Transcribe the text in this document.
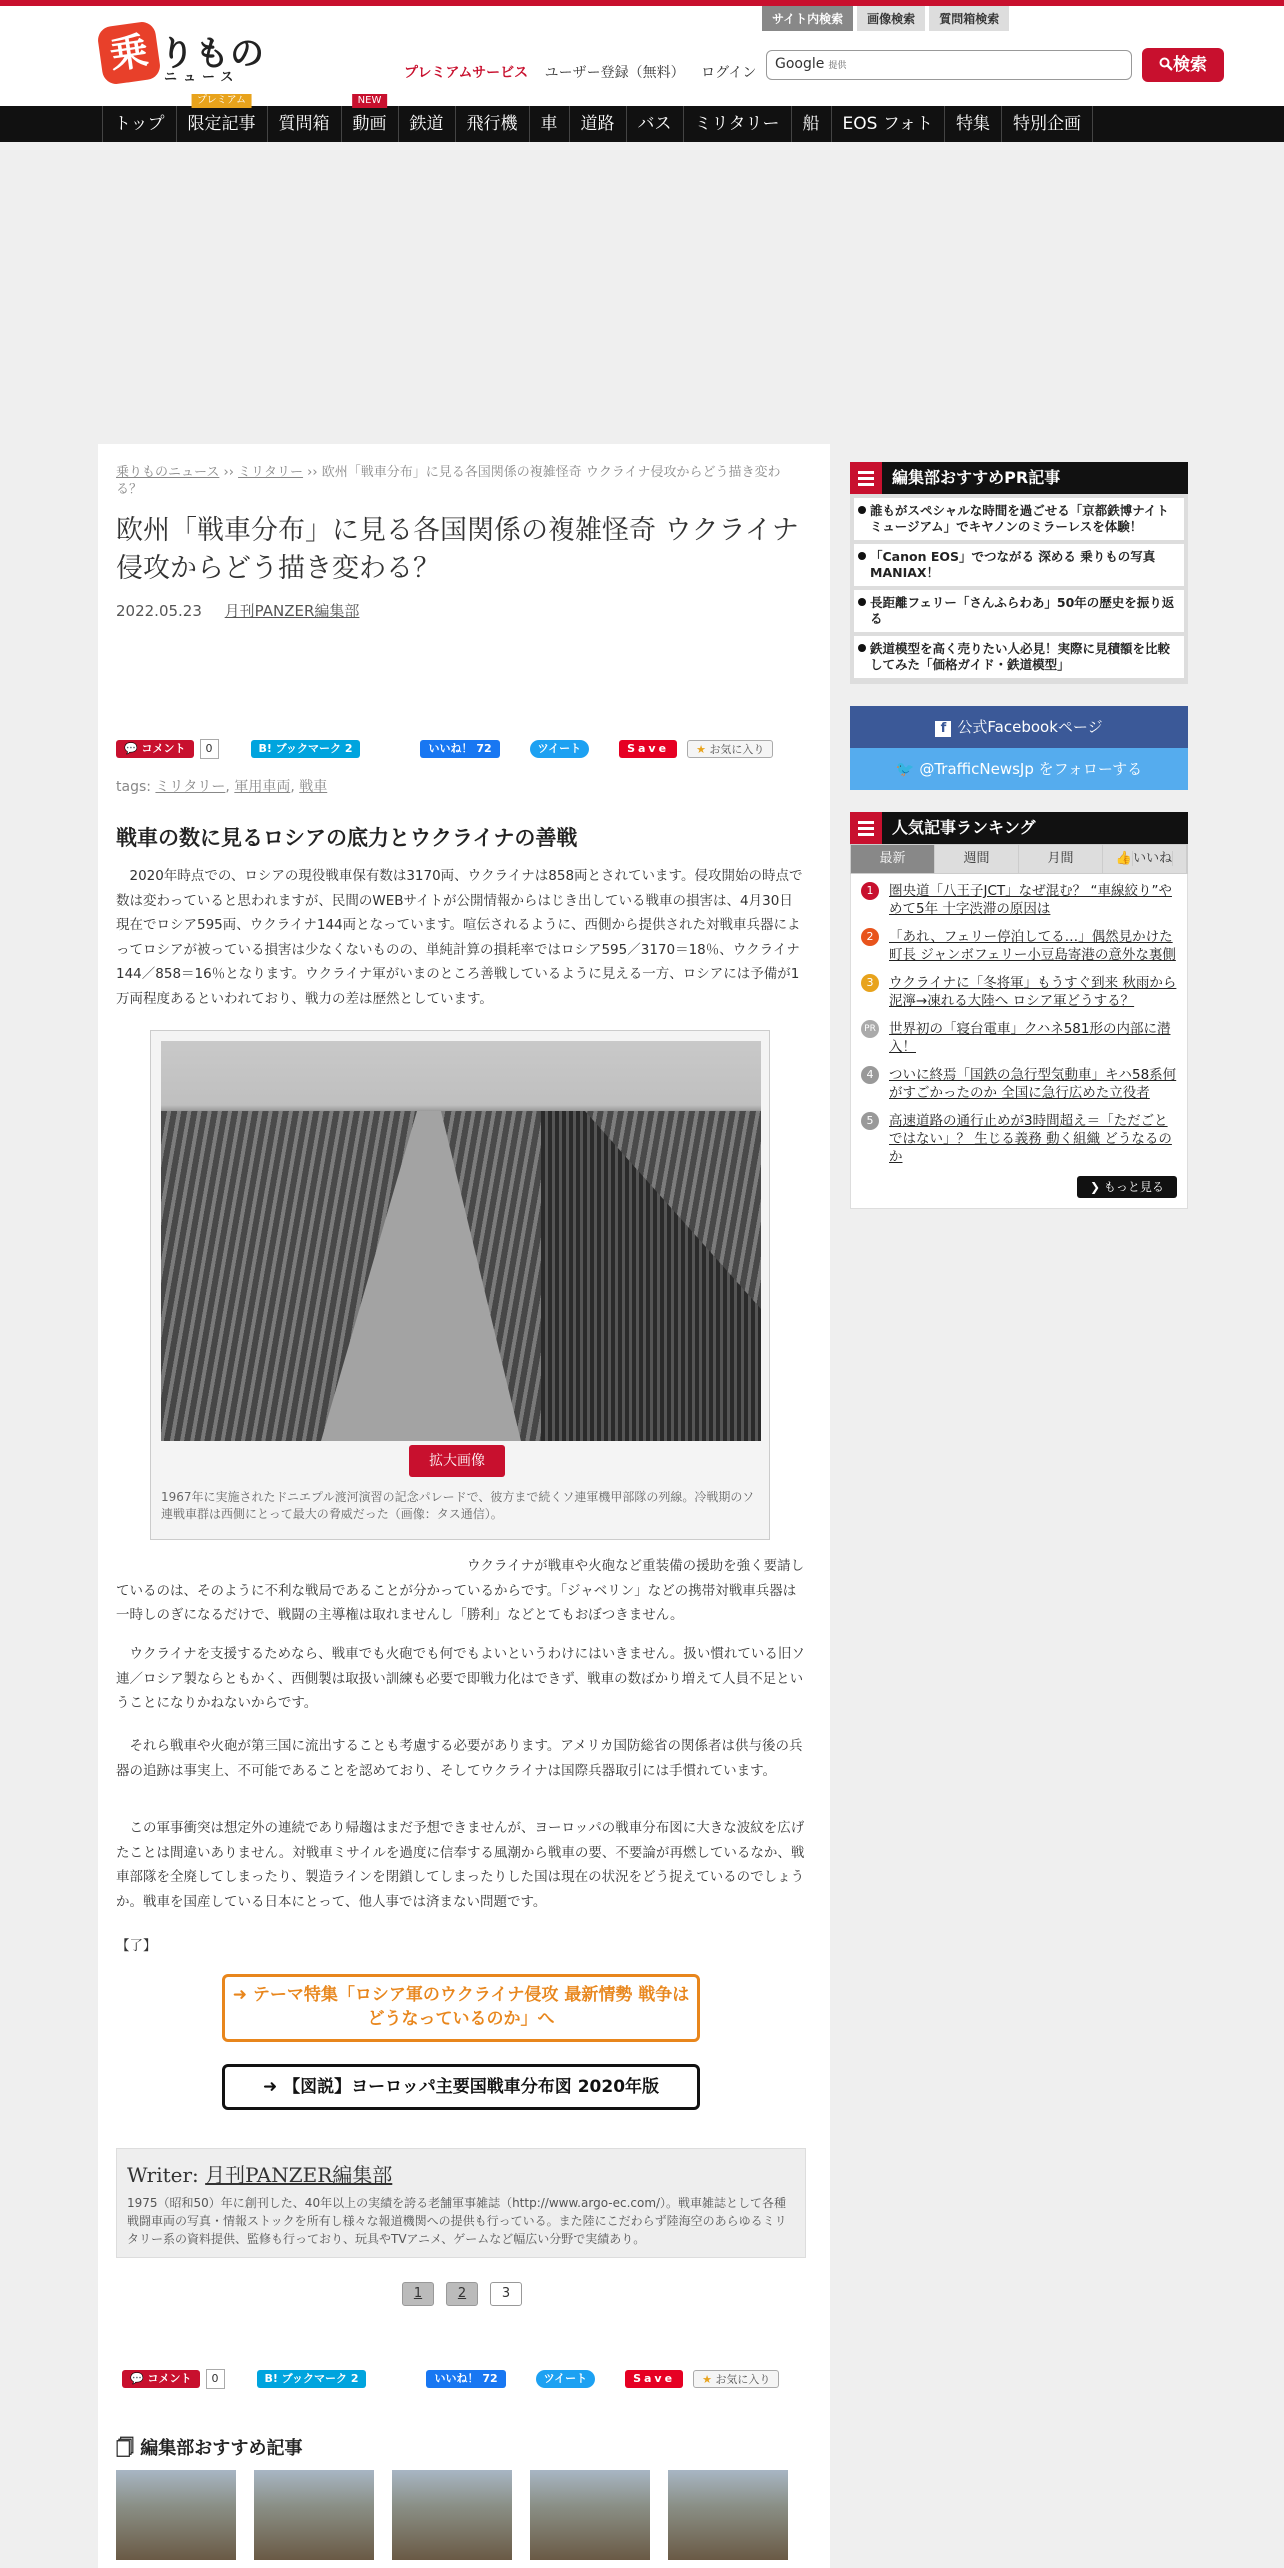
乗 りもの
ニュース
サイト内検索	画像検索	質問箱検索
プレミアムサービス ユーザー登録（無料） ログイン
Google 提供	検索
トップ
プレミアム
限定記事	質問箱
NEW
動画	鉄道	飛行機	車	道路	バス	ミリタリー	船	EOS フォト	特集	特別企画
乗りものニュース ›› ミリタリー ›› 欧州「戦車分布」に見る各国関係の複雑怪奇 ウクライナ侵攻からどう描き変わる？
欧州「戦車分布」に見る各国関係の複雑怪奇 ウクライナ侵攻からどう描き変わる？
2022.05.23 月刊PANZER編集部
💬 コメント	0	B! ブックマーク 2	いいね！ 72	ツイート	Save	★ お気に入り
tags: ミリタリー, 軍用車両, 戦車
戦車の数に見るロシアの底力とウクライナの善戦

　2020年時点での、ロシアの現役戦車保有数は3170両、ウクライナは858両とされています。侵攻開始の時点で数は変わっていると思われますが、民間のWEBサイトが公開情報からはじき出している戦車の損害は、4月30日現在でロシア595両、ウクライナ144両となっています。喧伝されるように、西側から提供された対戦車兵器によってロシアが被っている損害は少なくないものの、単純計算の損耗率ではロシア595／3170＝18％、ウクライナ144／858＝16％となります。ウクライナ軍がいまのところ善戦しているように見える一方、ロシアには予備が1万両程度あるといわれており、戦力の差は歴然としています。

拡大画像
1967年に実施されたドニエプル渡河演習の記念パレードで、彼方まで続くソ連軍機甲部隊の列線。冷戦期のソ連戦車群は西側にとって最大の脅威だった（画像：タス通信）。

　　　　　　　　　　　　　　　　　　　　　　　　　　ウクライナが戦車や火砲など重装備の援助を強く要請しているのは、そのように不利な戦局であることが分かっているからです。「ジャベリン」などの携帯対戦車兵器は一時しのぎになるだけで、戦闘の主導権は取れませんし「勝利」などとてもおぼつきません。

　ウクライナを支援するためなら、戦車でも火砲でも何でもよいというわけにはいきません。扱い慣れている旧ソ連／ロシア製ならともかく、西側製は取扱い訓練も必要で即戦力化はできず、戦車の数ばかり増えて人員不足ということになりかねないからです。

　それら戦車や火砲が第三国に流出することも考慮する必要があります。アメリカ国防総省の関係者は供与後の兵器の追跡は事実上、不可能であることを認めており、そしてウクライナは国際兵器取引には手慣れています。

　この軍事衝突は想定外の連続であり帰趨はまだ予想できませんが、ヨーロッパの戦車分布図に大きな波紋を広げたことは間違いありません。対戦車ミサイルを過度に信奉する風潮から戦車の要、不要論が再燃しているなか、戦車部隊を全廃してしまったり、製造ラインを閉鎖してしまったりした国は現在の状況をどう捉えているのでしょうか。戦車を国産している日本にとって、他人事では済まない問題です。

【了】

➜ テーマ特集「ロシア軍のウクライナ侵攻 最新情勢 戦争はどうなっているのか」へ
➜ 【図説】ヨーロッパ主要国戦車分布図 2020年版
Writer: 月刊PANZER編集部
1975（昭和50）年に創刊した、40年以上の実績を誇る老舗軍事雑誌（http://www.argo-ec.com/）。戦車雑誌として各種戦闘車両の写真・情報ストックを所有し様々な報道機関への提供も行っている。また陸にこだわらず陸海空のあらゆるミリタリー系の資料提供、監修も行っており、玩具やTVアニメ、ゲームなど幅広い分野で実績あり。
1	2	3
💬 コメント	0	B! ブックマーク 2	いいね！ 72	ツイート	Save	★ お気に入り
🗍 編集部おすすめ記事
編集部おすすめPR記事
誰もがスペシャルな時間を過ごせる「京都鉄博ナイトミュージアム」でキヤノンのミラーレスを体験！
「Canon EOS」でつながる 深める 乗りもの写真MANIAX！
長距離フェリー「さんふらわあ」50年の歴史を振り返る
鉄道模型を高く売りたい人必見！実際に見積額を比較してみた「価格ガイド・鉄道模型」
f 公式Facebookページ
🐦 @TrafficNewsJp をフォローする
人気記事ランキング
最新	週間	月間	👍いいね
1	圏央道「八王子JCT」なぜ混む？ “車線絞り”やめて5年 十字渋滞の原因は
2	「あれ、フェリー停泊してる…」偶然見かけた町長 ジャンボフェリー小豆島寄港の意外な裏側
3	ウクライナに「冬将軍」もうすぐ到来 秋雨から泥濘→凍れる大陸へ ロシア軍どうする？
PR 世界初の「寝台電車」クハネ581形の内部に潜入！
4	ついに終焉「国鉄の急行型気動車」キハ58系何がすごかったのか 全国に急行広めた立役者
5	高速道路の通行止めが3時間超え＝「ただごとではない」？ 生じる義務 動く組織 どうなるのか
❯ もっと見る
